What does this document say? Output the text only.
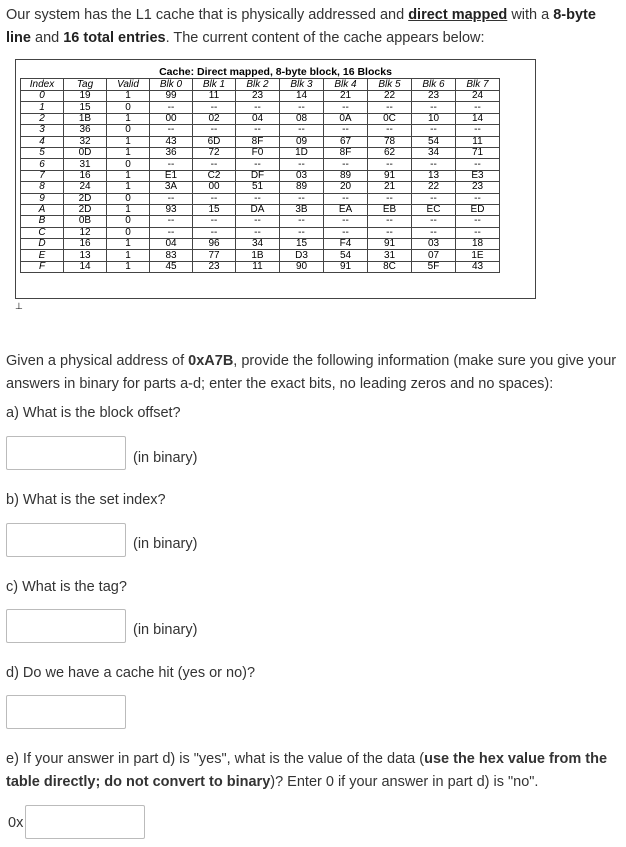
Our system has the L1 cache that is physically addressed and direct mapped with a 8-byte line and 16 total entries. The current content of the cache appears below:
Cache: Direct mapped, 8-byte block, 16 Blocks
Index	Tag	Valid	Blk 0	Blk 1	Blk 2	Blk 3	Blk 4	Blk 5	Blk 6	Blk 7
0	19	1	99	11	23	14	21	22	23	24
1	15	0	--	--	--	--	--	--	--	--
2	1B	1	00	02	04	08	0A	0C	10	14
3	36	0	--	--	--	--	--	--	--	--
4	32	1	43	6D	8F	09	67	78	54	11
5	0D	1	36	72	F0	1D	8F	62	34	71
6	31	0	--	--	--	--	--	--	--	--
7	16	1	E1	C2	DF	03	89	91	13	E3
8	24	1	3A	00	51	89	20	21	22	23
9	2D	0	--	--	--	--	--	--	--	--
A	2D	1	93	15	DA	3B	EA	EB	EC	ED
B	0B	0	--	--	--	--	--	--	--	--
C	12	0	--	--	--	--	--	--	--	--
D	16	1	04	96	34	15	F4	91	03	18
E	13	1	83	77	1B	D3	54	31	07	1E
F	14	1	45	23	11	90	91	8C	5F	43
⊥
Given a physical address of 0xA7B, provide the following information (make sure you give your answers in binary for parts a-d; enter the exact bits, no leading zeros and no spaces):
a) What is the block offset?
(in binary)
b) What is the set index?
(in binary)
c) What is the tag?
(in binary)
d) Do we have a cache hit (yes or no)?
e) If your answer in part d) is "yes", what is the value of the data (use the hex value from the table directly; do not convert to binary)? Enter 0 if your answer in part d) is "no".
0x
